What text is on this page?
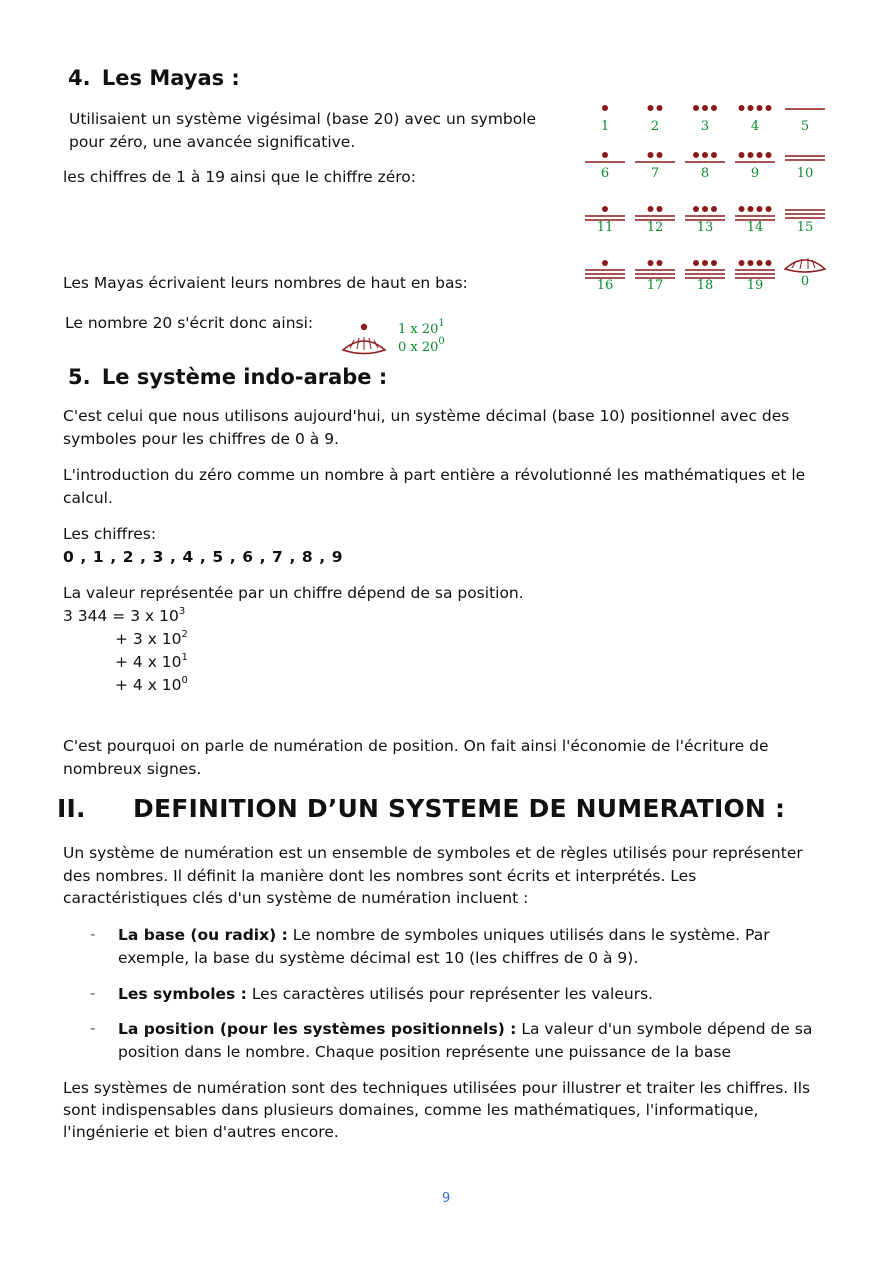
4. Les Mayas :
Utilisaient un système vigésimal (base 20) avec un symbole
pour zéro, une avancée significative.
les chiffres de 1 à 19 ainsi que le chiffre zéro:
Les Mayas écrivaient leurs nombres de haut en bas:
Le nombre 20 s'écrit donc ainsi:
1	2	3	4	5
6	7	8	9	10
11	12	13	14	15
16	17	18	19	0
1 x $20^1$
0 x $20^0$
5. Le système indo-arabe :
C'est celui que nous utilisons aujourd'hui, un système décimal (base 10) positionnel avec des
symboles pour les chiffres de 0 à 9.
L'introduction du zéro comme un nombre à part entière a révolutionné les mathématiques et le
calcul.
Les chiffres:
0 , 1 , 2 , 3 , 4 , 5 , 6 , 7 , 8 , 9
La valeur représentée par un chiffre dépend de sa position.
3 344 = 3 x $10^3$
+ 3 x $10^2$
+ 4 x $10^1$
+ 4 x $10^0$
C'est pourquoi on parle de numération de position. On fait ainsi l'économie de l'écriture de
nombreux signes.
II. DEFINITION D’UN SYSTEME DE NUMERATION :
Un système de numération est un ensemble de symboles et de règles utilisés pour représenter
des nombres. Il définit la manière dont les nombres sont écrits et interprétés. Les
caractéristiques clés d'un système de numération incluent :
- La base (ou radix) : Le nombre de symboles uniques utilisés dans le système. Par
exemple, la base du système décimal est 10 (les chiffres de 0 à 9).
- Les symboles : Les caractères utilisés pour représenter les valeurs.
- La position (pour les systèmes positionnels) : La valeur d'un symbole dépend de sa
position dans le nombre. Chaque position représente une puissance de la base
Les systèmes de numération sont des techniques utilisées pour illustrer et traiter les chiffres. Ils
sont indispensables dans plusieurs domaines, comme les mathématiques, l'informatique,
l'ingénierie et bien d'autres encore.
9
